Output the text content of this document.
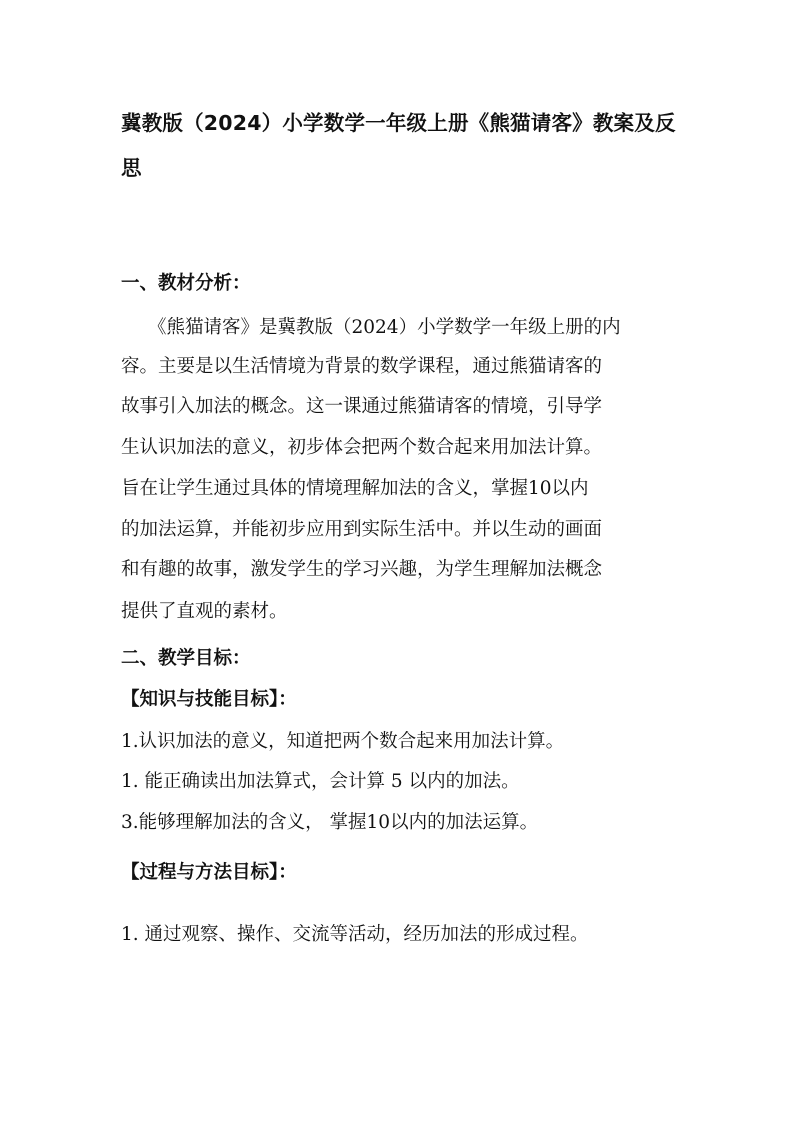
冀教版（2024）小学数学一年级上册《熊猫请客》教案及反思
一、教材分析：
《熊猫请客》是冀教版（2024）小学数学一年级上册的内
容。主要是以生活情境为背景的数学课程，通过熊猫请客的
故事引入加法的概念。这一课通过熊猫请客的情境，引导学
生认识加法的意义，初步体会把两个数合起来用加法计算。
旨在让学生通过具体的情境理解加法的含义，掌握10以内
的加法运算，并能初步应用到实际生活中。并以生动的画面
和有趣的故事，激发学生的学习兴趣，为学生理解加法概念
提供了直观的素材。
二、教学目标：
【知识与技能目标】：
1.认识加法的意义，知道把两个数合起来用加法计算。
1. 能正确读出加法算式，会计算 5 以内的加法。
3.能够理解加法的含义， 掌握10以内的加法运算。
【过程与方法目标】：
1. 通过观察、操作、交流等活动，经历加法的形成过程。
